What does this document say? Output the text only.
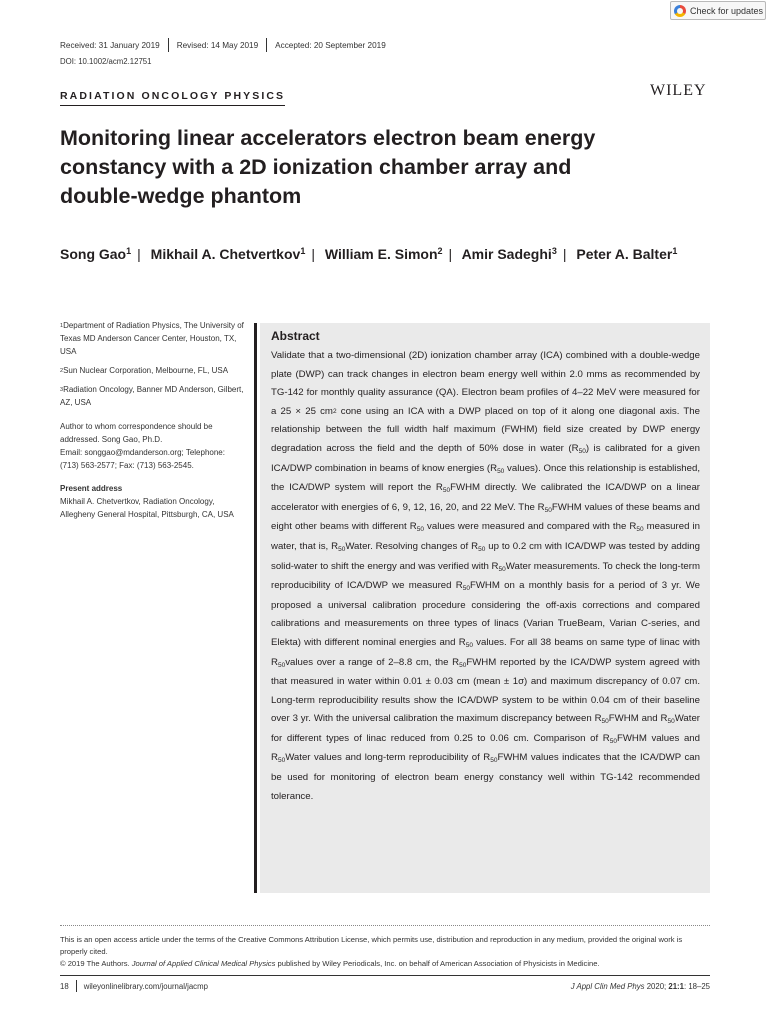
Check for updates
Received: 31 January 2019 Revised: 14 May 2019 Accepted: 20 September 2019
DOI: 10.1002/acm2.12751
RADIATION ONCOLOGY PHYSICS	WILEY
Monitoring linear accelerators electron beam energy constancy with a 2D ionization chamber array and double-wedge phantom
Song Gao$^1$ | Mikhail A. Chetvertkov$^1$ | William E. Simon$^2$ | Amir Sadeghi$^3$ | Peter A. Balter$^1$

$^1$Department of Radiation Physics, The University of Texas MD Anderson Cancer Center, Houston, TX, USA

$^2$Sun Nuclear Corporation, Melbourne, FL, USA

$^3$Radiation Oncology, Banner MD Anderson, Gilbert, AZ, USA

Author to whom correspondence should be addressed. Song Gao, Ph.D.
Email: songgao@mdanderson.org; Telephone: (713) 563-2577; Fax: (713) 563-2545.

Present address

Mikhail A. Chetvertkov, Radiation Oncology, Allegheny General Hospital, Pittsburgh, CA, USA

Abstract

Validate that a two-dimensional (2D) ionization chamber array (ICA) combined with a double-wedge plate (DWP) can track changes in electron beam energy well within 2.0 mms as recommended by TG-142 for monthly quality assurance (QA). Electron beam profiles of 4–22 MeV were measured for a 25 × 25 $cm^2$ cone using an ICA with a DWP placed on top of it along one diagonal axis. The relationship between the full width half maximum (FWHM) field size created by DWP energy degradation across the field and the depth of 50% dose in water $(R_{50})$ is calibrated for a given ICA/DWP combination in beams of know energies ($R_{50}$ values). Once this relationship is established, the ICA/DWP system will report the $R_{50}FWHM$ directly. We calibrated the ICA/DWP on a linear accelerator with energies of 6, 9, 12, 16, 20, and 22 MeV. The $R_{50}FWHM$ values of these beams and eight other beams with different $R_{50}$ values were measured and compared with the $R_{50}$ measured in water, that is, $R_{50}Water$. Resolving changes of $R_{50}$ up to 0.2 cm with ICA/DWP was tested by adding solid-water to shift the energy and was verified with $R_{50}Water$ measurements. To check the long-term reproducibility of ICA/DWP we measured $R_{50}FWHM$ on a monthly basis for a period of 3 yr. We proposed a universal calibration procedure considering the off-axis corrections and compared calibrations and measurements on three types of linacs (Varian TrueBeam, Varian C-series, and Elekta) with different nominal energies and $R_{50}$ values. For all 38 beams on same type of linac with $R_{50}values$ over a range of 2–8.8 cm, the $R_{50}FWHM$ reported by the ICA/DWP system agreed with that measured in water within 0.01 ± 0.03 cm (mean ± 1σ) and maximum discrepancy of 0.07 cm. Long-term reproducibility results show the ICA/DWP system to be within 0.04 cm of their baseline over 3 yr. With the universal calibration the maximum discrepancy between $R_{50}FWHM$ and $R_{50}Water$ for different types of linac reduced from 0.25 to 0.06 cm. Comparison of $R_{50}FWHM$ values and $R_{50}Water$ values and long-term reproducibility of $R_{50}FWHM$ values indicates that the ICA/DWP can be used for monitoring of electron beam energy constancy well within TG-142 recommended tolerance.

This is an open access article under the terms of the Creative Commons Attribution License, which permits use, distribution and reproduction in any medium, provided the original work is properly cited.

© 2019 The Authors. Journal of Applied Clinical Medical Physics published by Wiley Periodicals, Inc. on behalf of American Association of Physicists in Medicine.

18 wileyonlinelibrary.com/journal/jacmp	J Appl Clin Med Phys 2020; 21:1: 18–25
